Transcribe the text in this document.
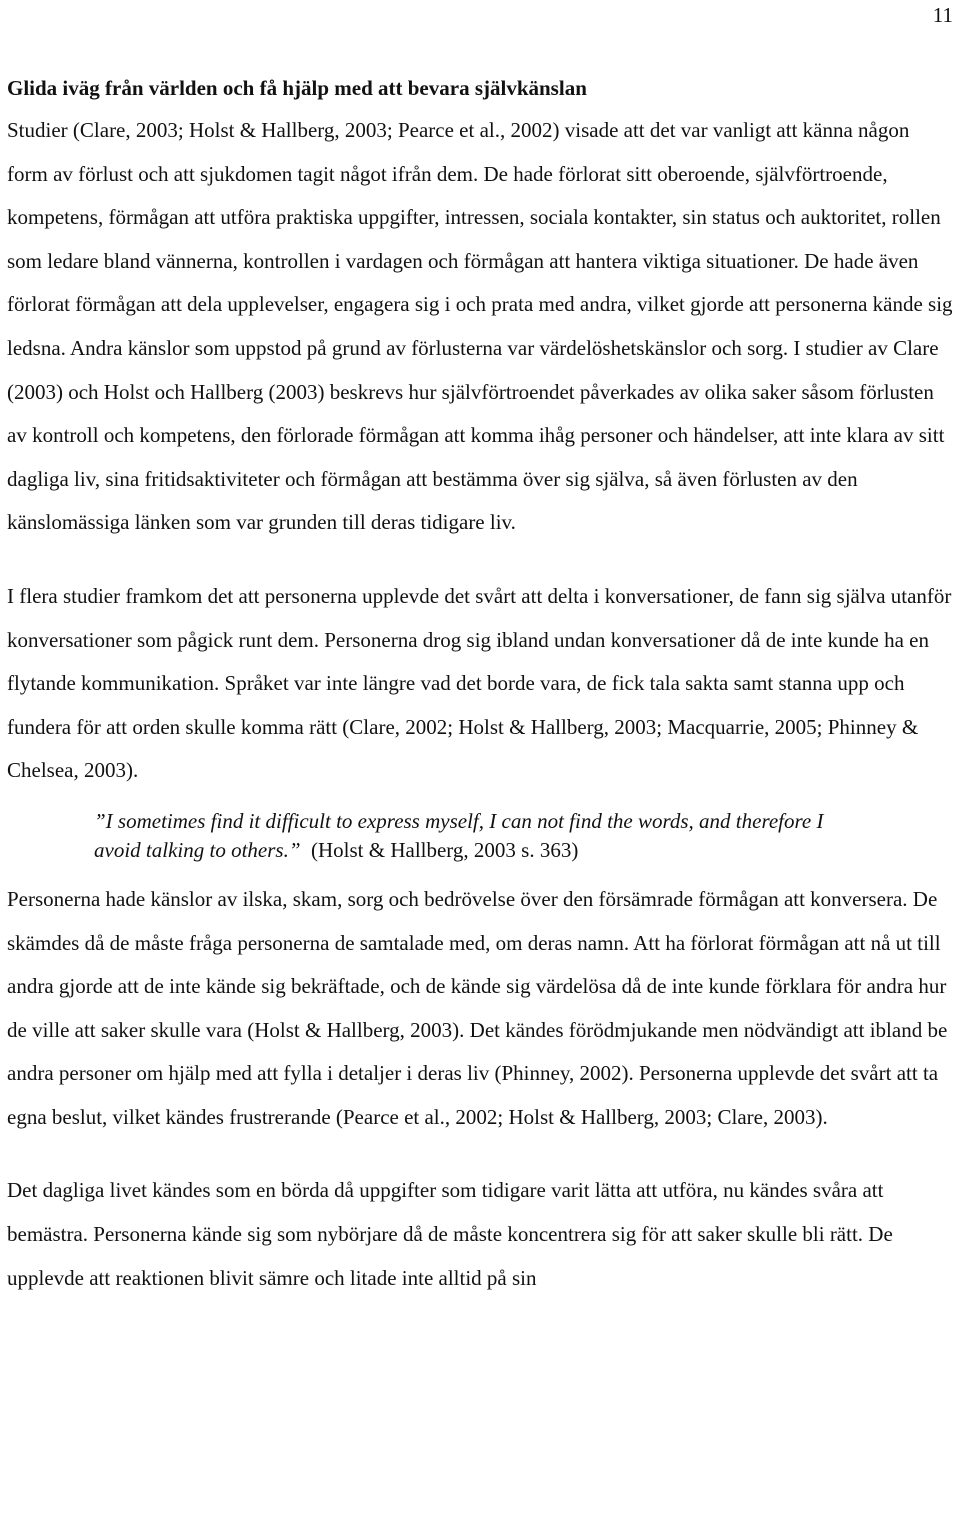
11
Glida iväg från världen och få hjälp med att bevara självkänslan

Studier (Clare, 2003; Holst & Hallberg, 2003; Pearce et al., 2002) visade att det var vanligt att känna någon form av förlust och att sjukdomen tagit något ifrån dem. De hade förlorat sitt oberoende, självförtroende, kompetens, förmågan att utföra praktiska uppgifter, intressen, sociala kontakter, sin status och auktoritet, rollen som ledare bland vännerna, kontrollen i vardagen och förmågan att hantera viktiga situationer. De hade även förlorat förmågan att dela upplevelser, engagera sig i och prata med andra, vilket gjorde att personerna kände sig ledsna. Andra känslor som uppstod på grund av förlusterna var värdelöshetskänslor och sorg. I studier av Clare (2003) och Holst och Hallberg (2003) beskrevs hur självförtroendet påverkades av olika saker såsom förlusten av kontroll och kompetens, den förlorade förmågan att komma ihåg personer och händelser, att inte klara av sitt dagliga liv, sina fritidsaktiviteter och förmågan att bestämma över sig själva, så även förlusten av den känslomässiga länken som var grunden till deras tidigare liv.

I flera studier framkom det att personerna upplevde det svårt att delta i konversationer, de fann sig själva utanför konversationer som pågick runt dem. Personerna drog sig ibland undan konversationer då de inte kunde ha en flytande kommunikation. Språket var inte längre vad det borde vara, de fick tala sakta samt stanna upp och fundera för att orden skulle komma rätt (Clare, 2002; Holst & Hallberg, 2003; Macquarrie, 2005; Phinney & Chelsea, 2003).

”I sometimes find it difficult to express myself, I can not find the words, and therefore I avoid talking to others.” (Holst & Hallberg, 2003 s. 363)

Personerna hade känslor av ilska, skam, sorg och bedrövelse över den försämrade förmågan att konversera. De skämdes då de måste fråga personerna de samtalade med, om deras namn. Att ha förlorat förmågan att nå ut till andra gjorde att de inte kände sig bekräftade, och de kände sig värdelösa då de inte kunde förklara för andra hur de ville att saker skulle vara (Holst & Hallberg, 2003). Det kändes förödmjukande men nödvändigt att ibland be andra personer om hjälp med att fylla i detaljer i deras liv (Phinney, 2002). Personerna upplevde det svårt att ta egna beslut, vilket kändes frustrerande (Pearce et al., 2002; Holst & Hallberg, 2003; Clare, 2003).

Det dagliga livet kändes som en börda då uppgifter som tidigare varit lätta att utföra, nu kändes svåra att bemästra. Personerna kände sig som nybörjare då de måste koncentrera sig för att saker skulle bli rätt. De upplevde att reaktionen blivit sämre och litade inte alltid på sin
